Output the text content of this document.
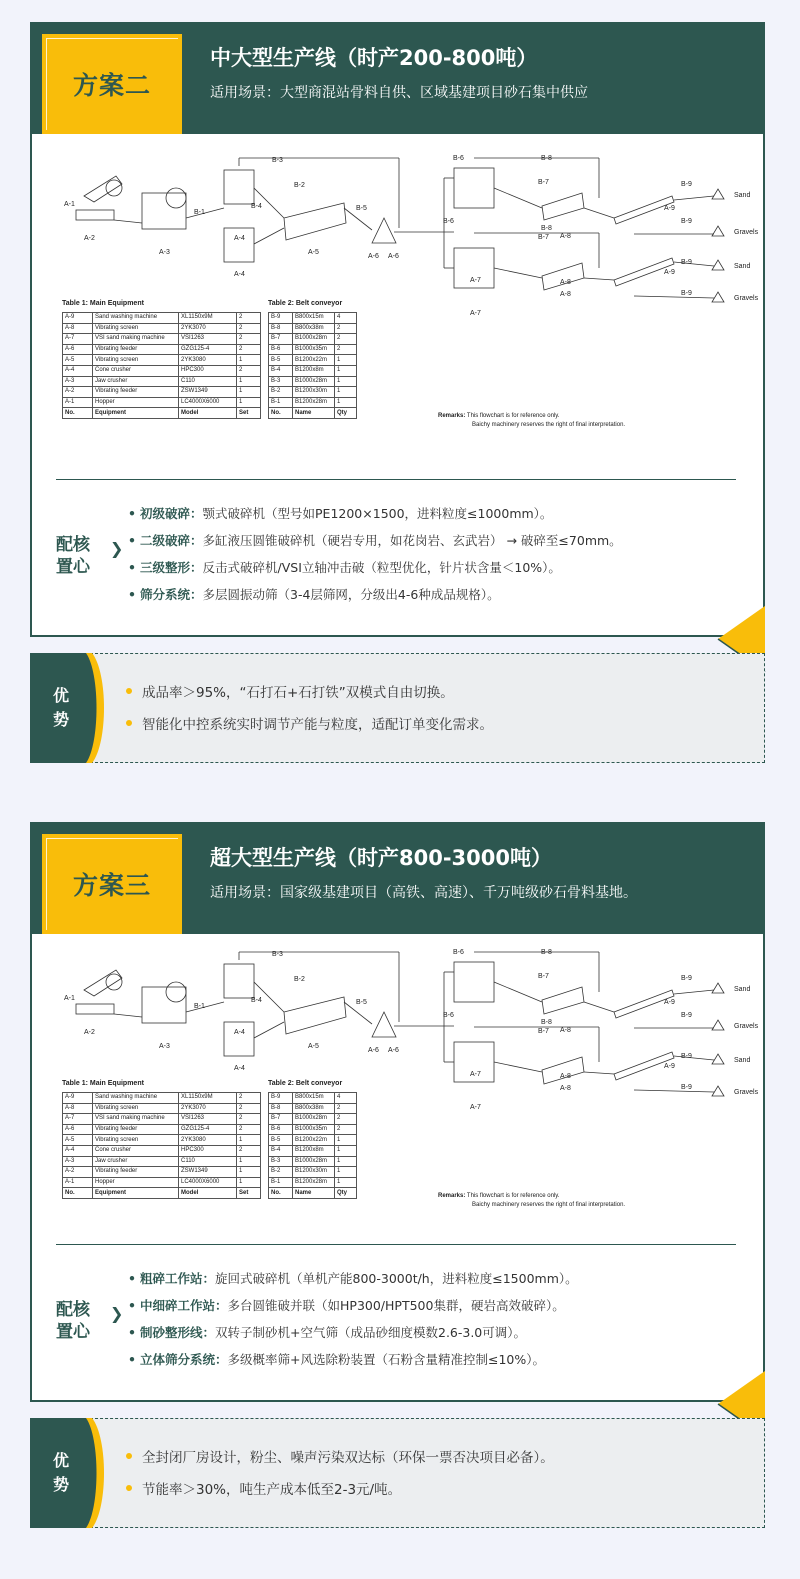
方案二
中大型生产线（时产200-800吨）
适用场景：大型商混站骨料自供、区域基建项目砂石集中供应
B-3
B-2
B-1
B-4	B-5
B-6
B-6
B-8
B-7
B-8
B-7
B-9
B-9
B-9
B-9
A-1
A-2
A-3
A-4
A-4
A-5
A-6 A-6
A-7
A-7
A-8
A-8
A-8
A-9
A-9
Sand
Gravels
Sand
Gravels
Table 1: Main Equipment
A-9	Sand washing machine	XL1150x9M	2
A-8	Vibrating screen	2YK3070	2
A-7	VSI sand making machine	VSI1263	2
A-6	Vibrating feeder	GZG125-4	2
A-5	Vibrating screen	2YK3080	1
A-4	Cone crusher	HPC300	2
A-3	Jaw crusher	C110	1
A-2	Vibrating feeder	ZSW1349	1
A-1	Hopper	LC4000X6000	1
No.	Equipment	Model	Set
Table 2: Belt conveyor
B-9	B800x15m	4
B-8	B800x38m	2
B-7	B1000x28m	2
B-6	B1000x35m	2
B-5	B1200x22m	1
B-4	B1200x8m	1
B-3	B1000x28m	1
B-2	B1200x30m	1
B-1	B1200x28m	1
No.	Name	Qty
Remarks: This flowchart is for reference only.
Baichy machinery reserves the right of final interpretation.
配核
置心
❯
• 初级破碎：颚式破碎机（型号如PE1200×1500，进料粒度≤1000mm）。
• 二级破碎：多缸液压圆锥破碎机（硬岩专用，如花岗岩、玄武岩） → 破碎至≤70mm。
• 三级整形：反击式破碎机/VSI立轴冲击破（粒型优化，针片状含量＜10%）。
• 筛分系统：多层圆振动筛（3-4层筛网，分级出4-6种成品规格）。
优
势
成品率＞95%，“石打石+石打铁”双模式自由切换。
智能化中控系统实时调节产能与粒度，适配订单变化需求。
方案三
超大型生产线（时产800-3000吨）
适用场景：国家级基建项目（高铁、高速）、千万吨级砂石骨料基地。
B-3
B-2
B-1
B-4	B-5
B-6
B-6
B-8
B-7
B-8
B-7
B-9
B-9
B-9
B-9
A-1
A-2
A-3
A-4
A-4
A-5
A-6 A-6
A-7
A-7
A-8
A-8
A-8
A-9
A-9
Sand
Gravels
Sand
Gravels
Table 1: Main Equipment
A-9	Sand washing machine	XL1150x9M	2
A-8	Vibrating screen	2YK3070	2
A-7	VSI sand making machine	VSI1263	2
A-6	Vibrating feeder	GZG125-4	2
A-5	Vibrating screen	2YK3080	1
A-4	Cone crusher	HPC300	2
A-3	Jaw crusher	C110	1
A-2	Vibrating feeder	ZSW1349	1
A-1	Hopper	LC4000X6000	1
No.	Equipment	Model	Set
Table 2: Belt conveyor
B-9	B800x15m	4
B-8	B800x38m	2
B-7	B1000x28m	2
B-6	B1000x35m	2
B-5	B1200x22m	1
B-4	B1200x8m	1
B-3	B1000x28m	1
B-2	B1200x30m	1
B-1	B1200x28m	1
No.	Name	Qty
Remarks: This flowchart is for reference only.
Baichy machinery reserves the right of final interpretation.
配核
置心
❯
• 粗碎工作站：旋回式破碎机（单机产能800-3000t/h，进料粒度≤1500mm）。
• 中细碎工作站：多台圆锥破并联（如HP300/HPT500集群，硬岩高效破碎）。
• 制砂整形线：双转子制砂机+空气筛（成品砂细度模数2.6-3.0可调）。
• 立体筛分系统：多级概率筛+风选除粉装置（石粉含量精准控制≤10%）。
优
势
全封闭厂房设计，粉尘、噪声污染双达标（环保一票否决项目必备）。
节能率＞30%，吨生产成本低至2-3元/吨。
